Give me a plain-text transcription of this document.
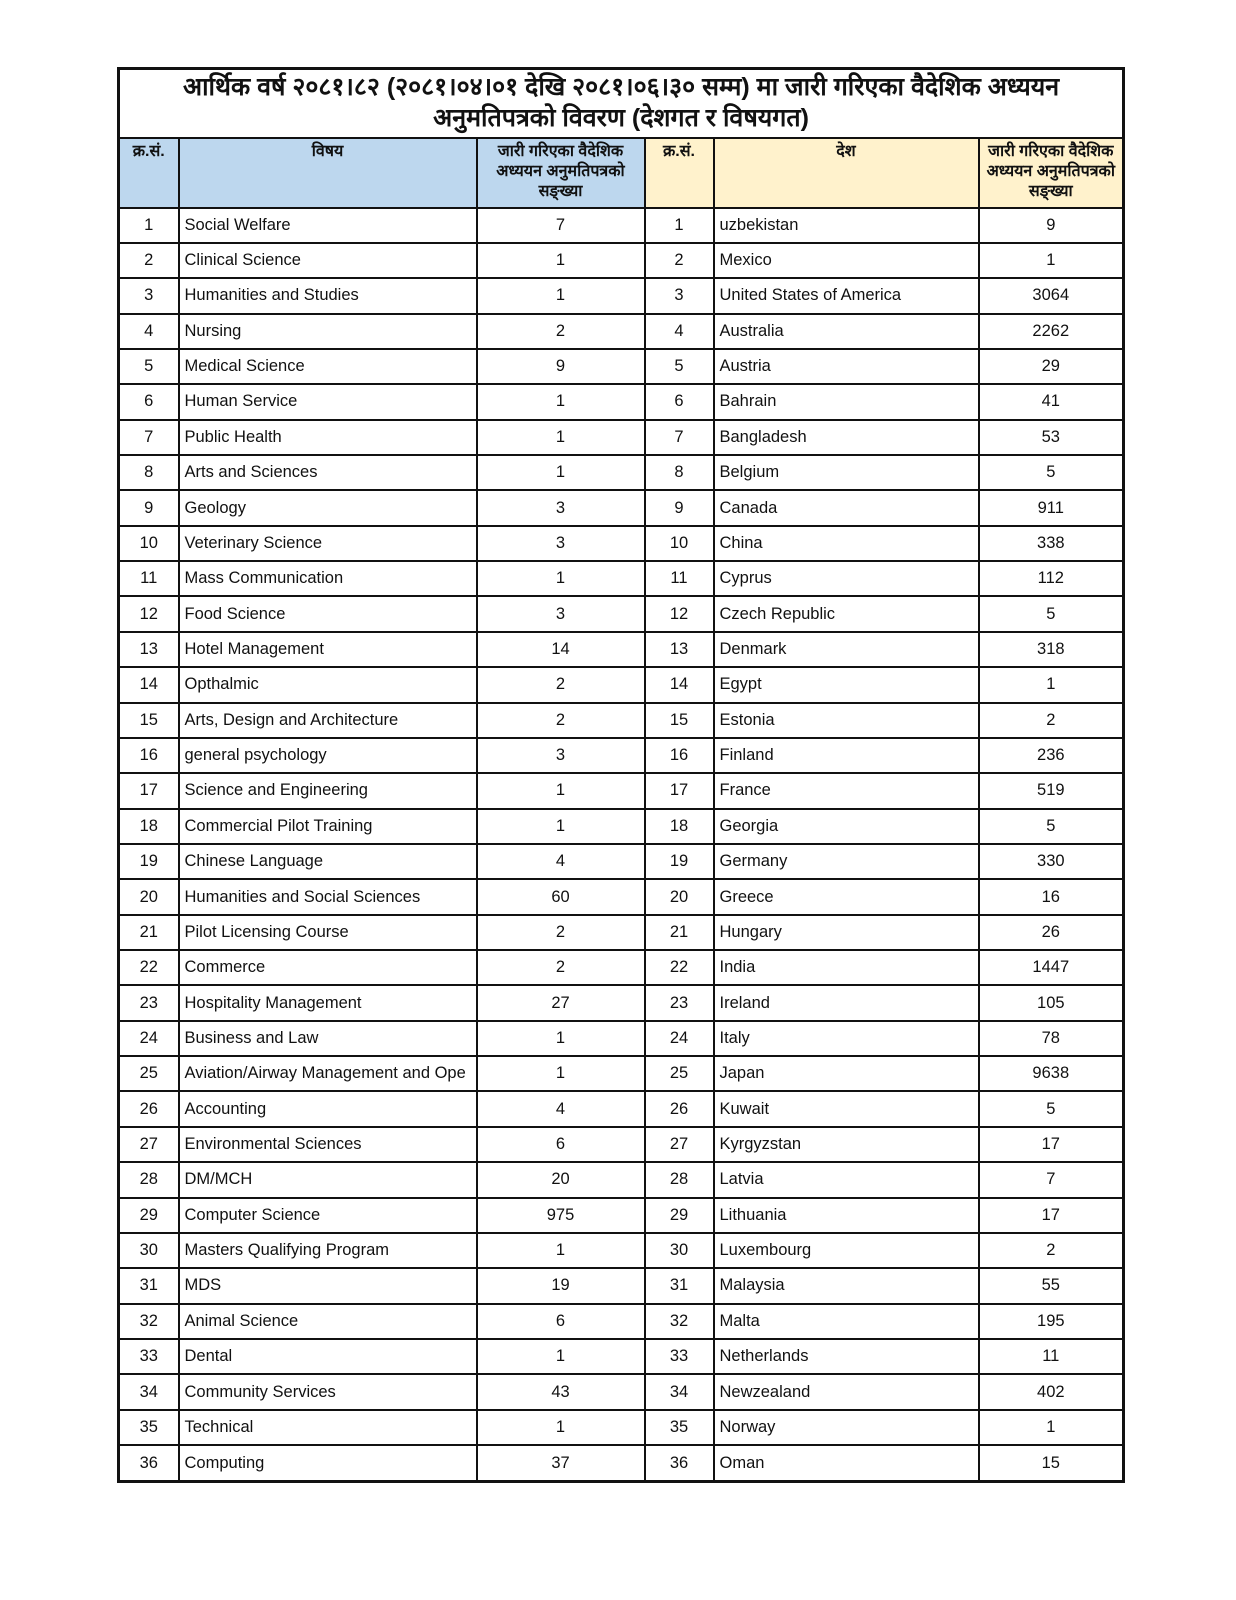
आर्थिक वर्ष २०८१।८२ (२०८१।०४।०१ देखि २०८१।०६।३० सम्म) मा जारी गरिएका वैदेशिक अध्ययन अनुमतिपत्रको विवरण (देशगत र विषयगत)					
क्र.सं.	विषय	जारी गरिएका वैदेशिक अध्ययन अनुमतिपत्रको सङ्ख्या	क्र.सं.	देश	जारी गरिएका वैदेशिक अध्ययन अनुमतिपत्रको सङ्ख्या
1	Social Welfare	7	1	uzbekistan	9
2	Clinical Science	1	2	Mexico	1
3	Humanities and Studies	1	3	United States of America	3064
4	Nursing	2	4	Australia	2262
5	Medical Science	9	5	Austria	29
6	Human Service	1	6	Bahrain	41
7	Public Health	1	7	Bangladesh	53
8	Arts and Sciences	1	8	Belgium	5
9	Geology	3	9	Canada	911
10	Veterinary Science	3	10	China	338
11	Mass Communication	1	11	Cyprus	112
12	Food Science	3	12	Czech Republic	5
13	Hotel Management	14	13	Denmark	318
14	Opthalmic	2	14	Egypt	1
15	Arts, Design and Architecture	2	15	Estonia	2
16	general psychology	3	16	Finland	236
17	Science and Engineering	1	17	France	519
18	Commercial Pilot Training	1	18	Georgia	5
19	Chinese Language	4	19	Germany	330
20	Humanities and Social Sciences	60	20	Greece	16
21	Pilot Licensing Course	2	21	Hungary	26
22	Commerce	2	22	India	1447
23	Hospitality Management	27	23	Ireland	105
24	Business and Law	1	24	Italy	78
25	Aviation/Airway Management and Ope	1	25	Japan	9638
26	Accounting	4	26	Kuwait	5
27	Environmental Sciences	6	27	Kyrgyzstan	17
28	DM/MCH	20	28	Latvia	7
29	Computer Science	975	29	Lithuania	17
30	Masters Qualifying Program	1	30	Luxembourg	2
31	MDS	19	31	Malaysia	55
32	Animal Science	6	32	Malta	195
33	Dental	1	33	Netherlands	11
34	Community Services	43	34	Newzealand	402
35	Technical	1	35	Norway	1
36	Computing	37	36	Oman	15
